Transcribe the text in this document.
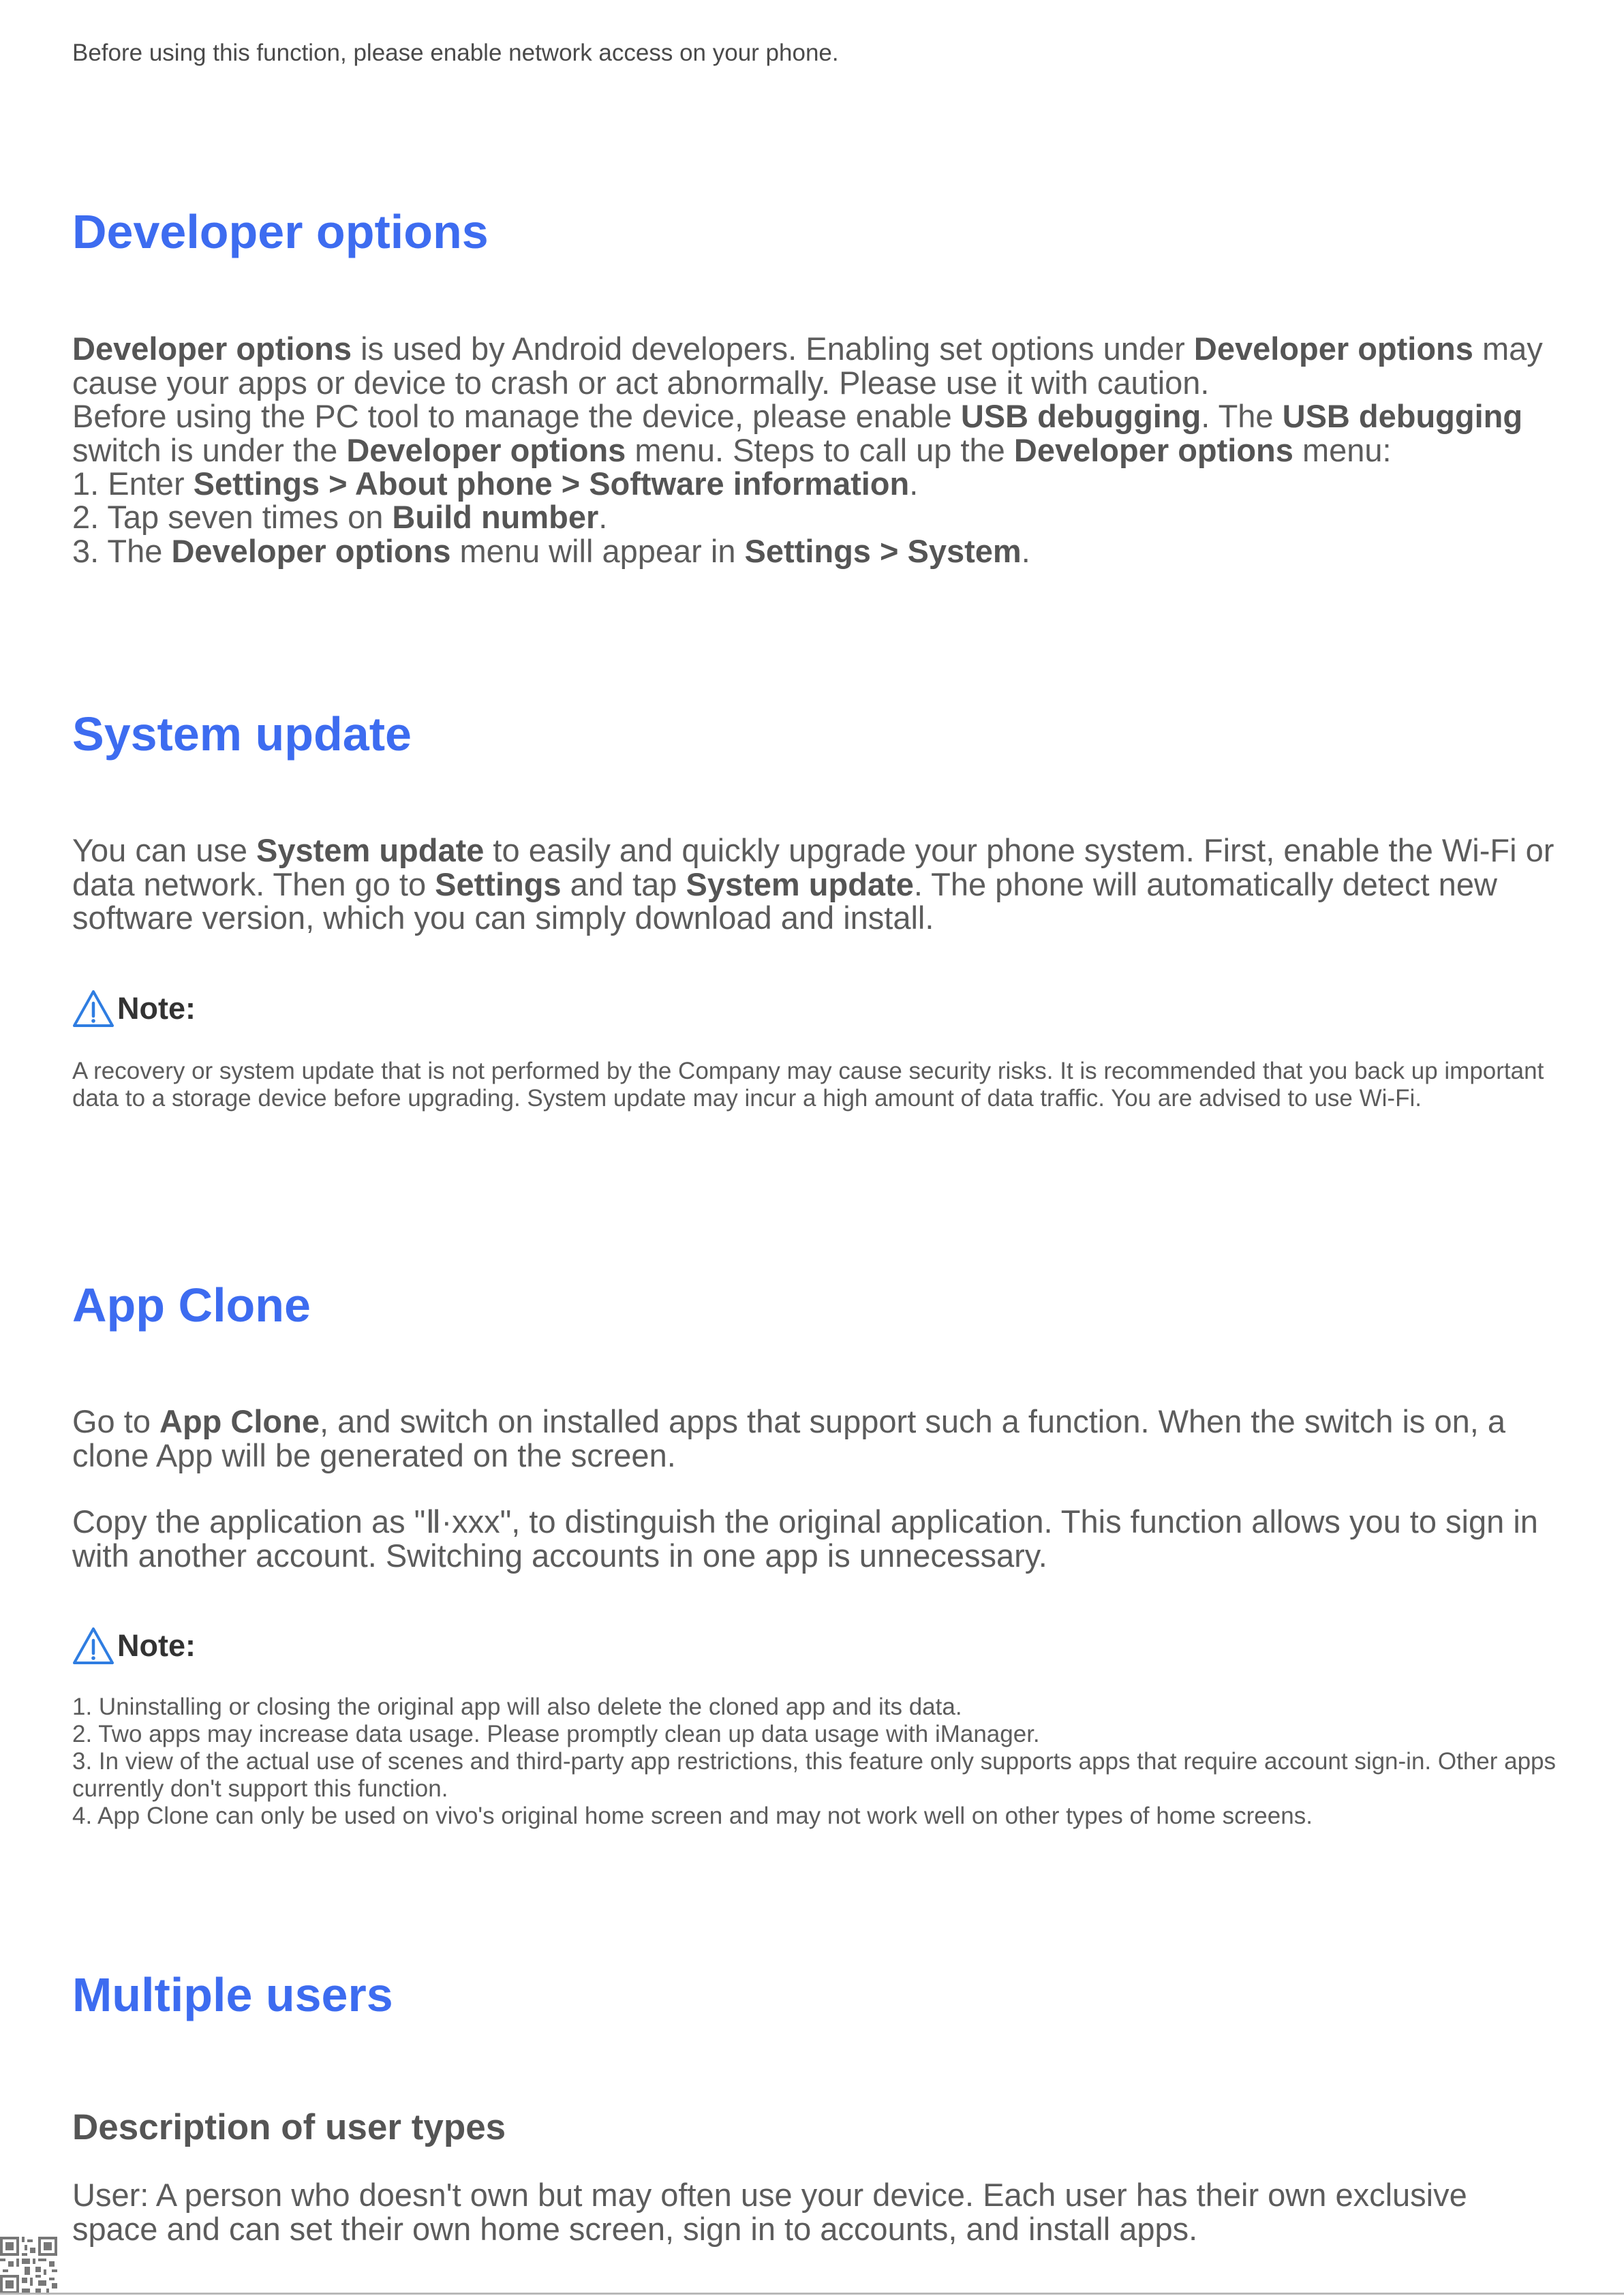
Before using this function, please enable network access on your phone.
Developer options
Developer options is used by Android developers. Enabling set options under Developer options may cause your apps or device to crash or act abnormally. Please use it with caution.
Before using the PC tool to manage the device, please enable USB debugging. The USB debugging switch is under the Developer options menu. Steps to call up the Developer options menu:
1. Enter Settings > About phone > Software information.
2. Tap seven times on Build number.
3. The Developer options menu will appear in Settings > System.
System update
You can use System update to easily and quickly upgrade your phone system. First, enable the Wi-Fi or data network. Then go to Settings and tap System update. The phone will automatically detect new software version, which you can simply download and install.
Note:
A recovery or system update that is not performed by the Company may cause security risks. It is recommended that you back up important data to a storage device before upgrading. System update may incur a high amount of data traffic. You are advised to use Wi-Fi.
App Clone
Go to App Clone, and switch on installed apps that support such a function. When the switch is on, a clone App will be generated on the screen.
Copy the application as "Ⅱ·xxx", to distinguish the original application. This function allows you to sign in with another account. Switching accounts in one app is unnecessary.
Note:
1. Uninstalling or closing the original app will also delete the cloned app and its data.
2. Two apps may increase data usage. Please promptly clean up data usage with iManager.
3. In view of the actual use of scenes and third-party app restrictions, this feature only supports apps that require account sign-in. Other apps currently don't support this function.
4. App Clone can only be used on vivo's original home screen and may not work well on other types of home screens.
Multiple users
Description of user types
User: A person who doesn't own but may often use your device. Each user has their own exclusive space and can set their own home screen, sign in to accounts, and install apps.
